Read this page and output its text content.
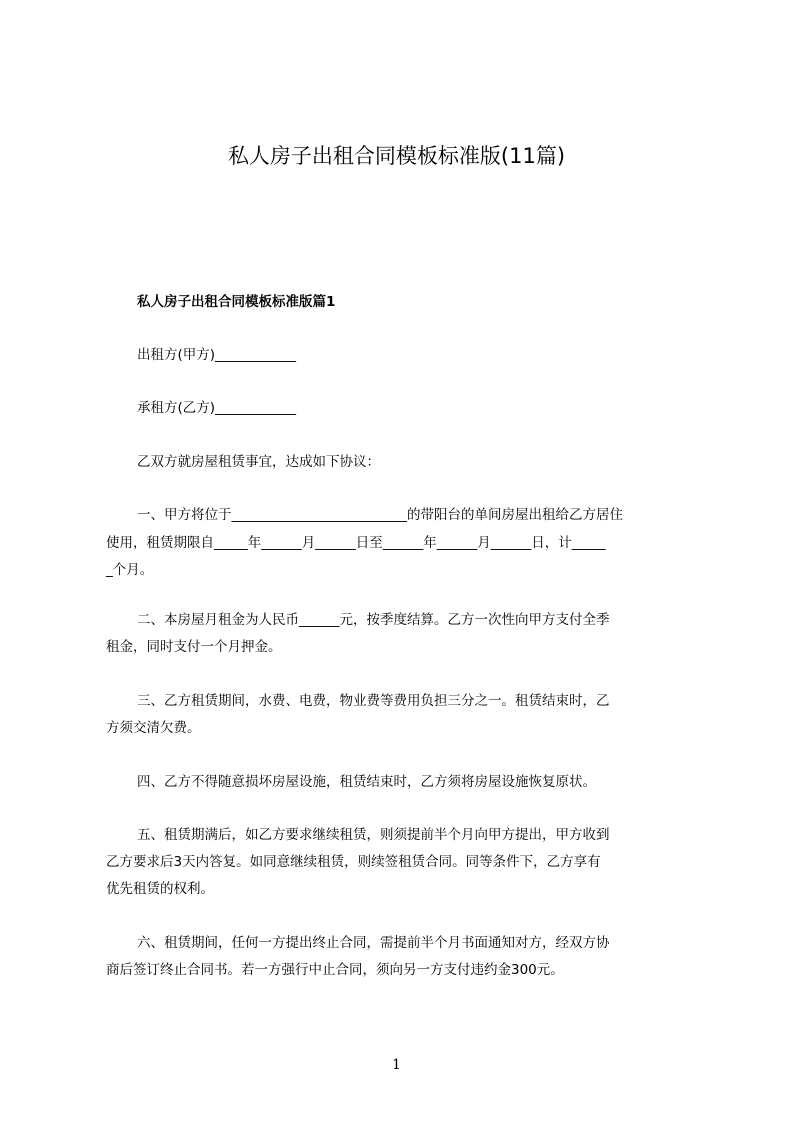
私人房子出租合同模板标准版(11篇)
私人房子出租合同模板标准版篇1
出租方(甲方)____________
承租方(乙方)____________
乙双方就房屋租赁事宜，达成如下协议：
一、甲方将位于__________________________的带阳台的单间房屋出租给乙方居住
使用，租赁期限自_____年______月______日至______年______月______日，计_____
_个月。
二、本房屋月租金为人民币______元，按季度结算。乙方一次性向甲方支付全季
租金，同时支付一个月押金。
三、乙方租赁期间，水费、电费，物业费等费用负担三分之一。租赁结束时，乙
方须交清欠费。
四、乙方不得随意损坏房屋设施，租赁结束时，乙方须将房屋设施恢复原状。
五、租赁期满后，如乙方要求继续租赁，则须提前半个月向甲方提出，甲方收到
乙方要求后3天内答复。如同意继续租赁，则续签租赁合同。同等条件下，乙方享有
优先租赁的权利。
六、租赁期间，任何一方提出终止合同，需提前半个月书面通知对方，经双方协
商后签订终止合同书。若一方强行中止合同，须向另一方支付违约金300元。
1
